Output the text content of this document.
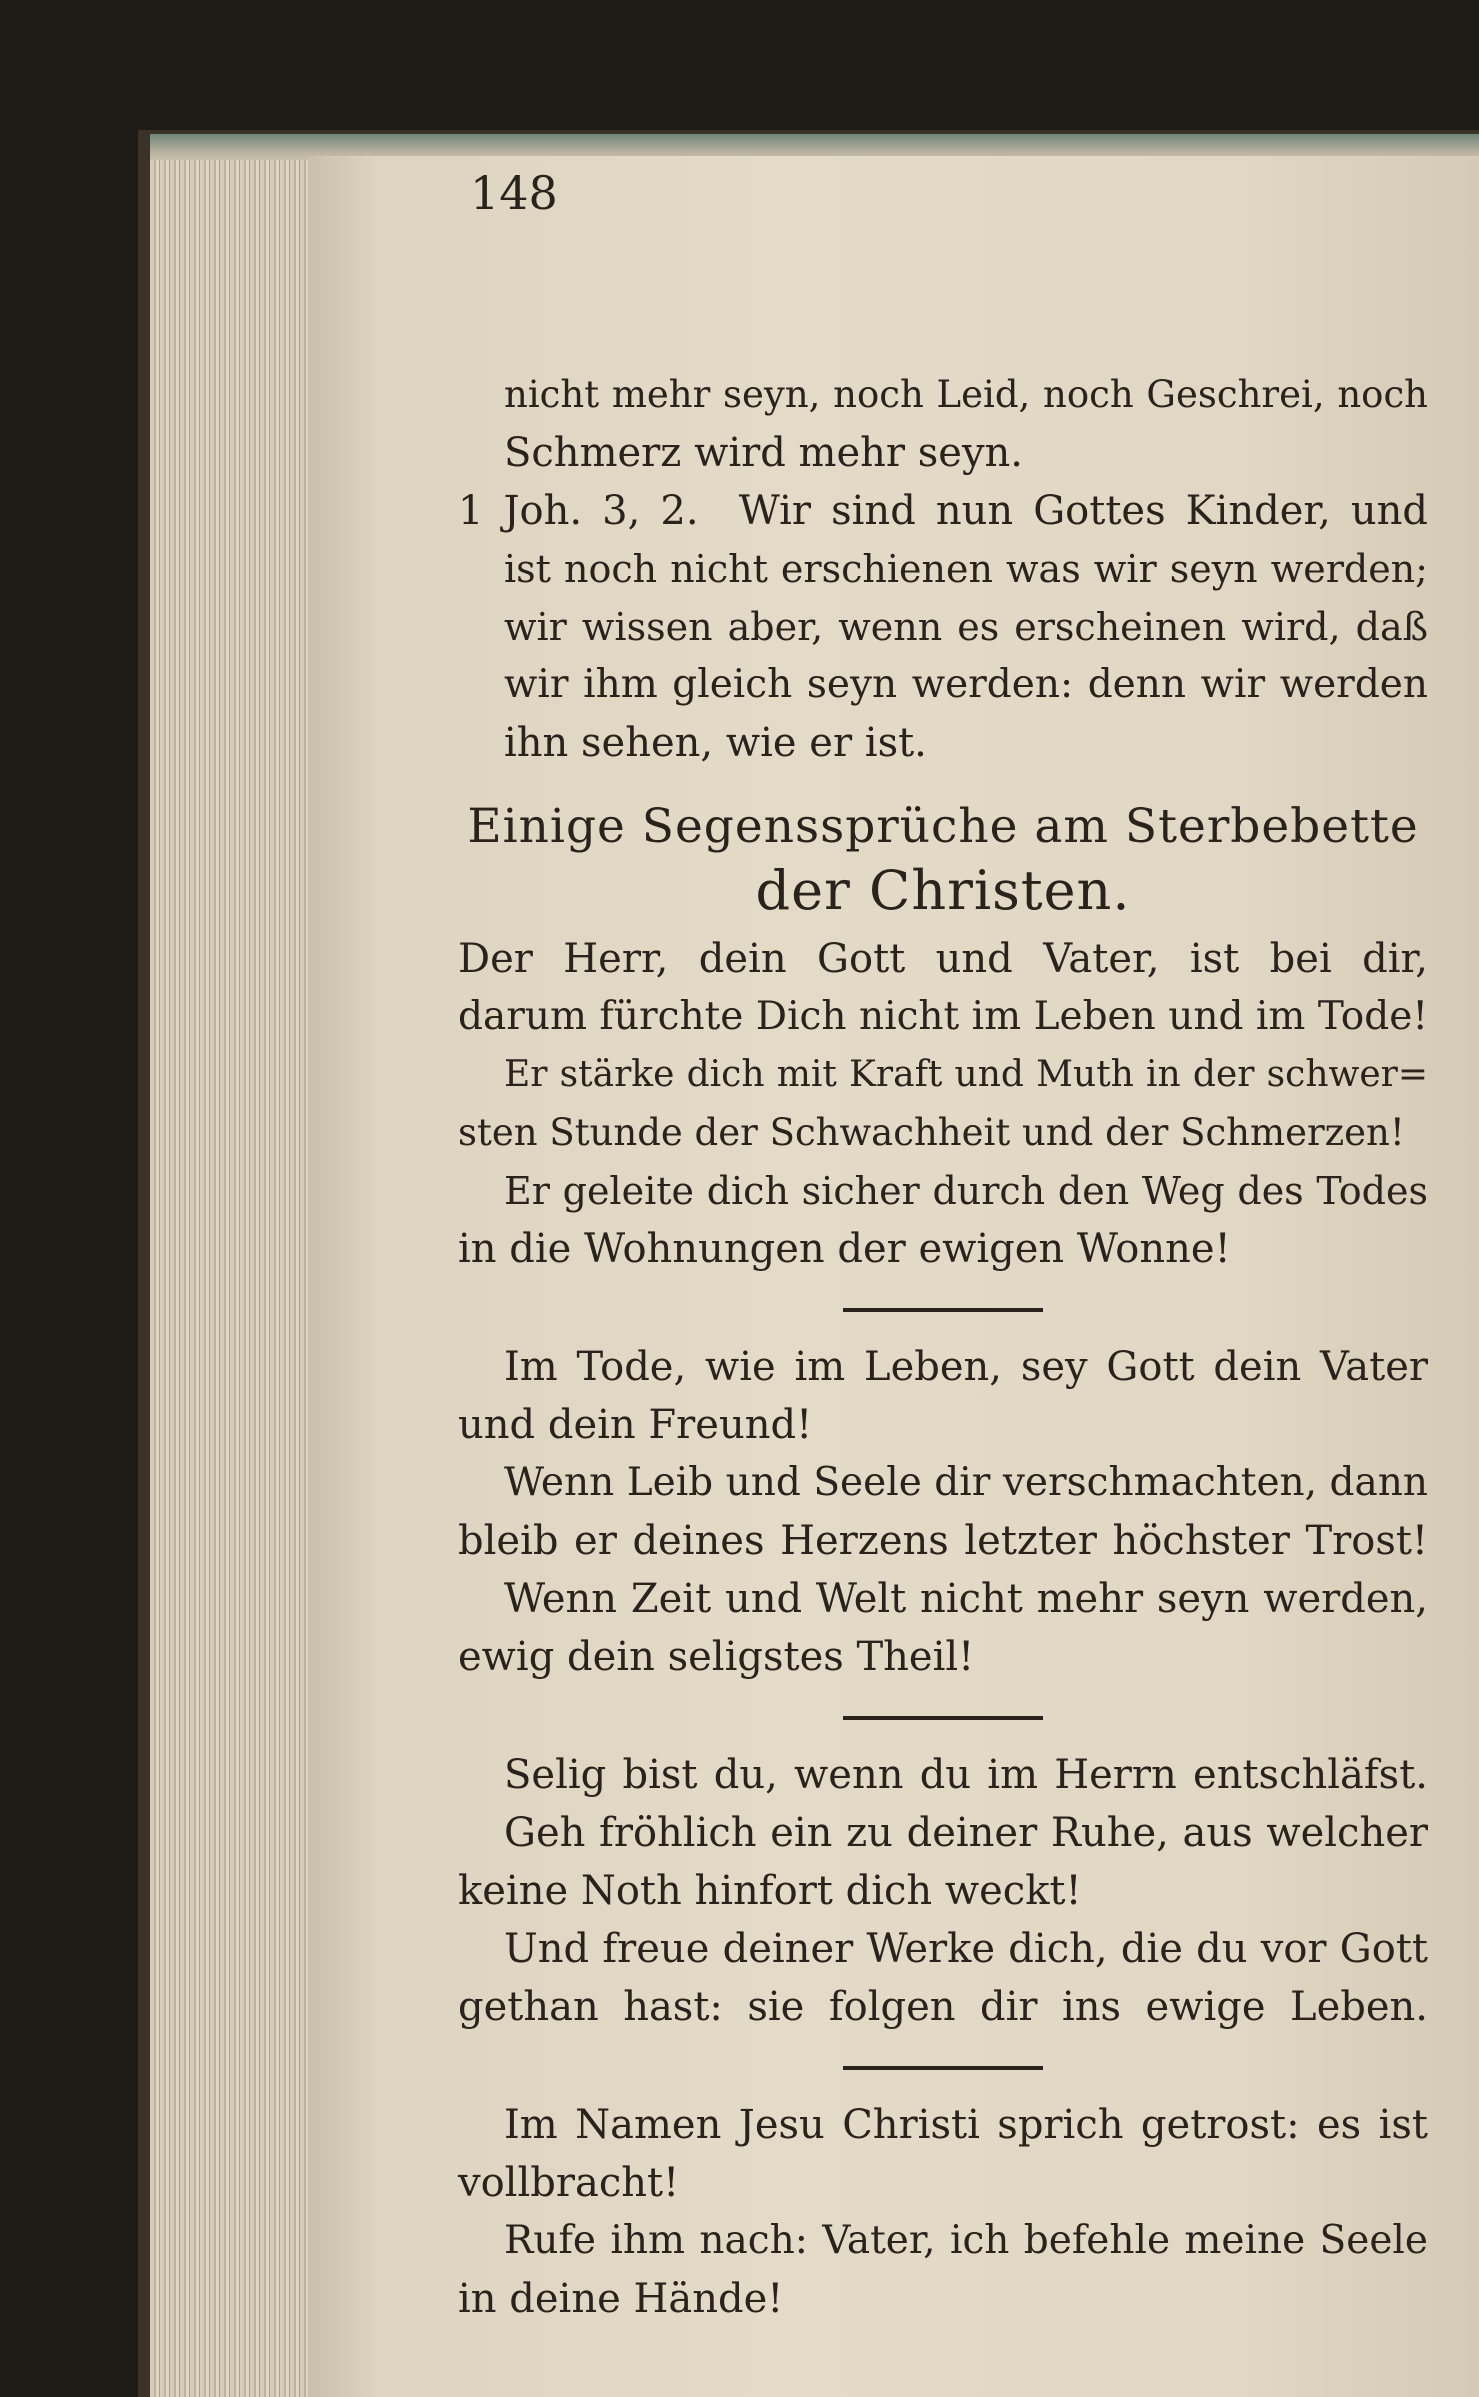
nicht mehr seyn, noch Leid, noch Geschrei, noch
Schmerz wird mehr seyn.
1 Joh. 3, 2. Wir sind nun Gottes Kinder, und
ist noch nicht erschienen was wir seyn werden;
wir wissen aber, wenn es erscheinen wird, daß
wir ihm gleich seyn werden: denn wir werden
ihn sehen, wie er ist.
Einige Segenssprüche am Sterbebette
der Christen.
Der Herr, dein Gott und Vater, ist bei dir,
darum fürchte Dich nicht im Leben und im Tode!
Er stärke dich mit Kraft und Muth in der schwer=
sten Stunde der Schwachheit und der Schmerzen!
Er geleite dich sicher durch den Weg des Todes
in die Wohnungen der ewigen Wonne!
Im Tode, wie im Leben, sey Gott dein Vater
und dein Freund!
Wenn Leib und Seele dir verschmachten, dann
bleib er deines Herzens letzter höchster Trost!
Wenn Zeit und Welt nicht mehr seyn werden,
ewig dein seligstes Theil!
Selig bist du, wenn du im Herrn entschläfst.
Geh fröhlich ein zu deiner Ruhe, aus welcher
keine Noth hinfort dich weckt!
Und freue deiner Werke dich, die du vor Gott
gethan hast: sie folgen dir ins ewige Leben.
Im Namen Jesu Christi sprich getrost: es ist
vollbracht!
Rufe ihm nach: Vater, ich befehle meine Seele
in deine Hände!
148
